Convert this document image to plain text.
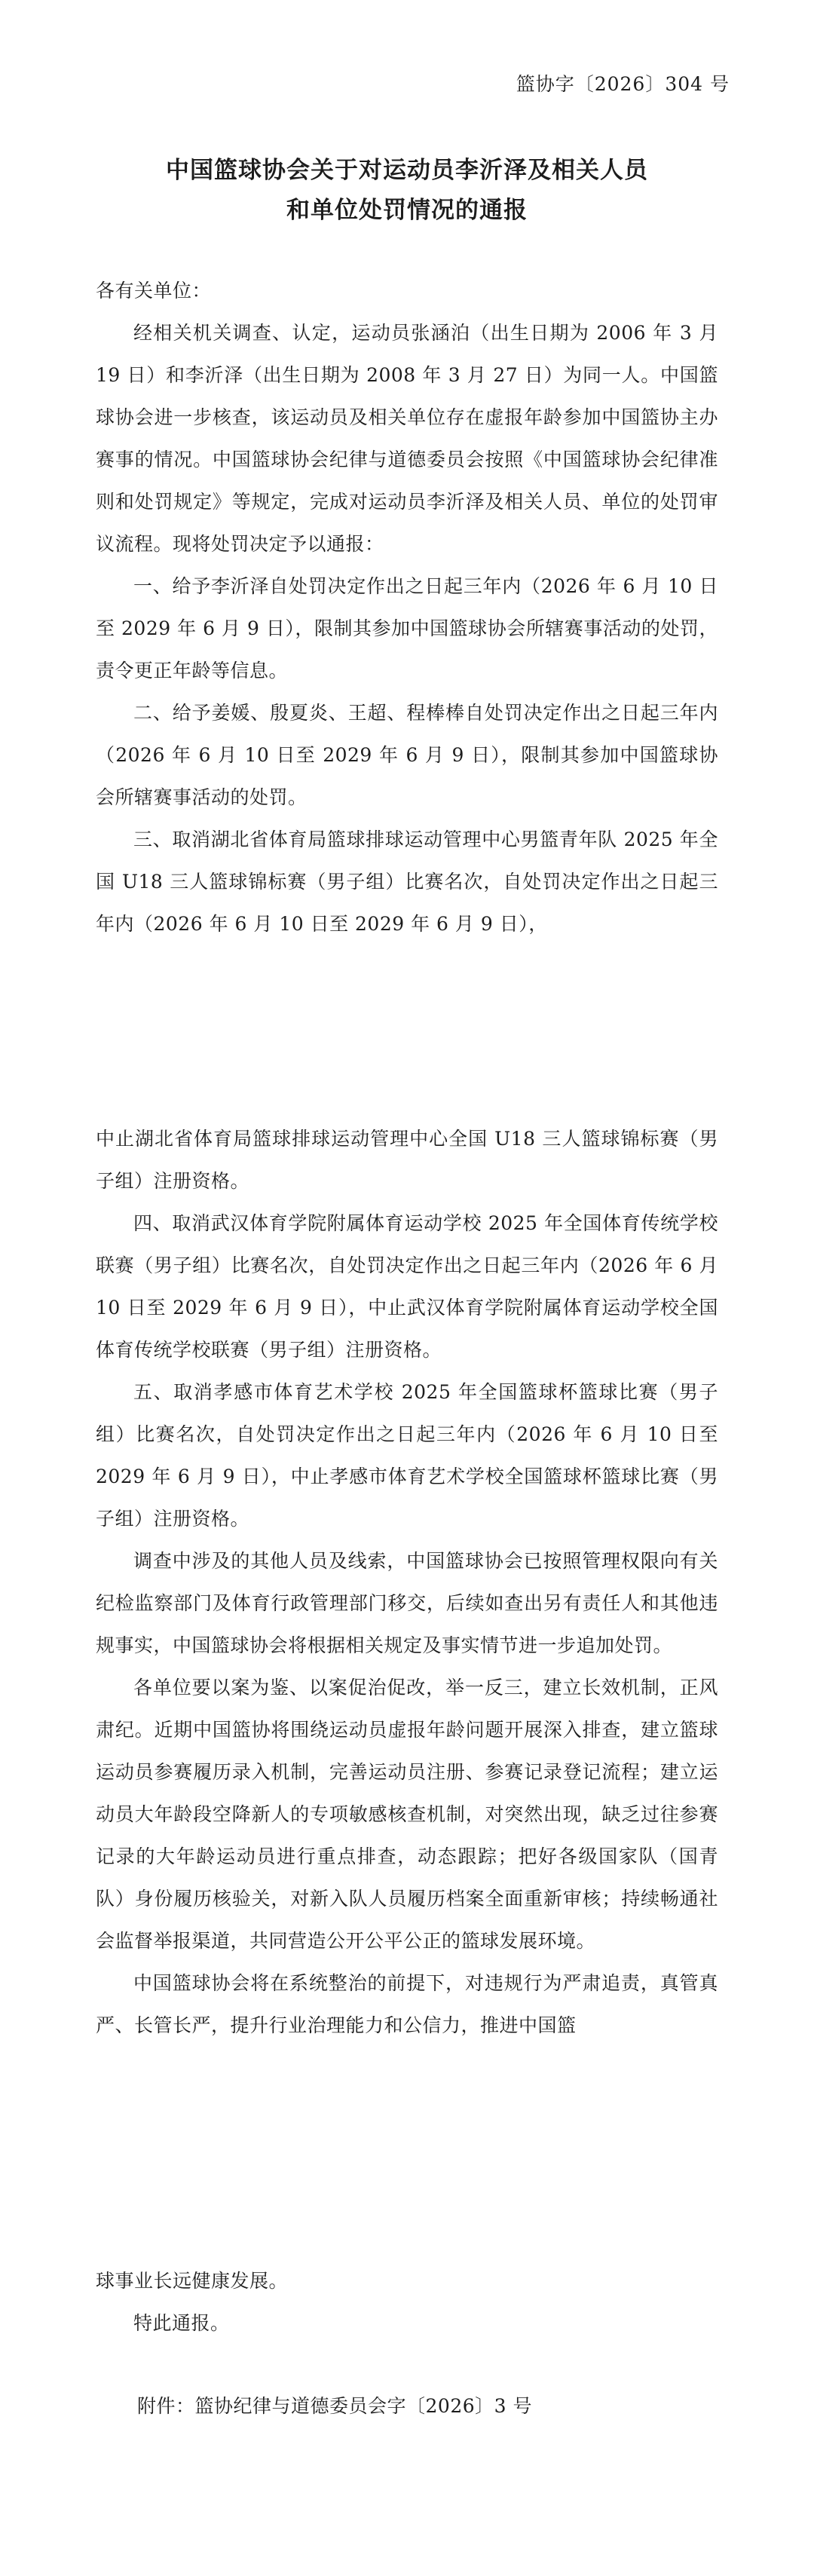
篮协字〔2026〕304 号
中国篮球协会关于对运动员李沂泽及相关人员
和单位处罚情况的通报

各有关单位：

经相关机关调查、认定，运动员张涵泊（出生日期为 2006 年 3 月 19 日）和李沂泽（出生日期为 2008 年 3 月 27 日）为同一人。中国篮球协会进一步核查，该运动员及相关单位存在虚报年龄参加中国篮协主办赛事的情况。中国篮球协会纪律与道德委员会按照《中国篮球协会纪律准则和处罚规定》等规定，完成对运动员李沂泽及相关人员、单位的处罚审议流程。现将处罚决定予以通报：

一、给予李沂泽自处罚决定作出之日起三年内（2026 年 6 月 10 日至 2029 年 6 月 9 日），限制其参加中国篮球协会所辖赛事活动的处罚，责令更正年龄等信息。

二、给予姜媛、殷夏炎、王超、程棒棒自处罚决定作出之日起三年内（2026 年 6 月 10 日至 2029 年 6 月 9 日），限制其参加中国篮球协会所辖赛事活动的处罚。

三、取消湖北省体育局篮球排球运动管理中心男篮青年队 2025 年全国 U18 三人篮球锦标赛（男子组）比赛名次，自处罚决定作出之日起三年内（2026 年 6 月 10 日至 2029 年 6 月 9 日），

中止湖北省体育局篮球排球运动管理中心全国 U18 三人篮球锦标赛（男子组）注册资格。

四、取消武汉体育学院附属体育运动学校 2025 年全国体育传统学校联赛（男子组）比赛名次，自处罚决定作出之日起三年内（2026 年 6 月 10 日至 2029 年 6 月 9 日），中止武汉体育学院附属体育运动学校全国体育传统学校联赛（男子组）注册资格。

五、取消孝感市体育艺术学校 2025 年全国篮球杯篮球比赛（男子组）比赛名次，自处罚决定作出之日起三年内（2026 年 6 月 10 日至 2029 年 6 月 9 日），中止孝感市体育艺术学校全国篮球杯篮球比赛（男子组）注册资格。

调查中涉及的其他人员及线索，中国篮球协会已按照管理权限向有关纪检监察部门及体育行政管理部门移交，后续如查出另有责任人和其他违规事实，中国篮球协会将根据相关规定及事实情节进一步追加处罚。

各单位要以案为鉴、以案促治促改，举一反三，建立长效机制，正风肃纪。近期中国篮协将围绕运动员虚报年龄问题开展深入排查，建立篮球运动员参赛履历录入机制，完善运动员注册、参赛记录登记流程；建立运动员大年龄段空降新人的专项敏感核查机制，对突然出现，缺乏过往参赛记录的大年龄运动员进行重点排查，动态跟踪；把好各级国家队（国青队）身份履历核验关，对新入队人员履历档案全面重新审核；持续畅通社会监督举报渠道，共同营造公开公平公正的篮球发展环境。

中国篮球协会将在系统整治的前提下，对违规行为严肃追责，真管真严、长管长严，提升行业治理能力和公信力，推进中国篮

球事业长远健康发展。

特此通报。

附件：篮协纪律与道德委员会字〔2026〕3 号
